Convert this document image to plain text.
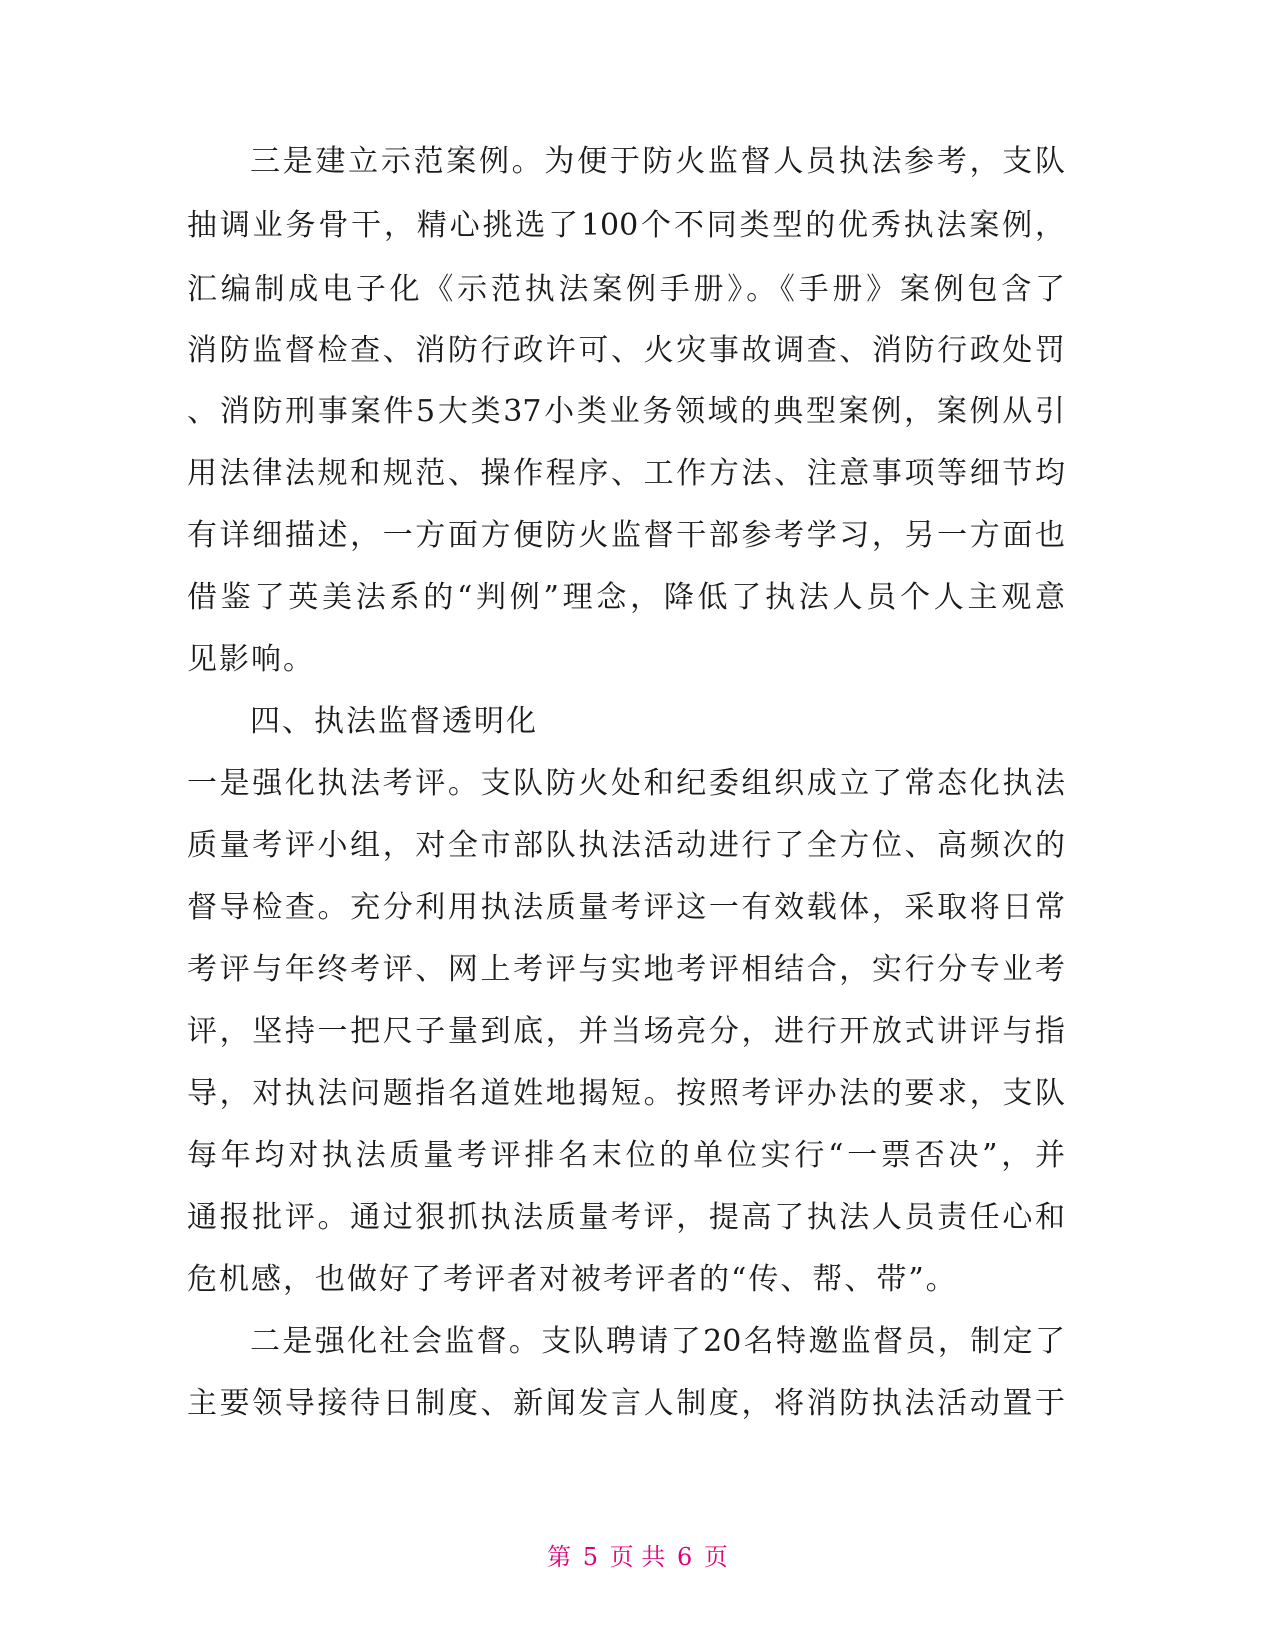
三是建立示范案例。为便于防火监督人员执法参考，支队
抽调业务骨干，精心挑选了100个不同类型的优秀执法案例，
汇编制成电子化《示范执法案例手册》。《手册》案例包含了
消防监督检查、消防行政许可、火灾事故调查、消防行政处罚
、消防刑事案件5大类37小类业务领域的典型案例，案例从引
用法律法规和规范、操作程序、工作方法、注意事项等细节均
有详细描述，一方面方便防火监督干部参考学习，另一方面也
借鉴了英美法系的“判例”理念，降低了执法人员个人主观意
见影响。
四、执法监督透明化
一是强化执法考评。支队防火处和纪委组织成立了常态化执法
质量考评小组，对全市部队执法活动进行了全方位、高频次的
督导检查。充分利用执法质量考评这一有效载体，采取将日常
考评与年终考评、网上考评与实地考评相结合，实行分专业考
评，坚持一把尺子量到底，并当场亮分，进行开放式讲评与指
导，对执法问题指名道姓地揭短。按照考评办法的要求，支队
每年均对执法质量考评排名末位的单位实行“一票否决”，并
通报批评。通过狠抓执法质量考评，提高了执法人员责任心和
危机感，也做好了考评者对被考评者的“传、帮、带”。
二是强化社会监督。支队聘请了20名特邀监督员，制定了
主要领导接待日制度、新闻发言人制度，将消防执法活动置于
第 5 页 共 6 页
